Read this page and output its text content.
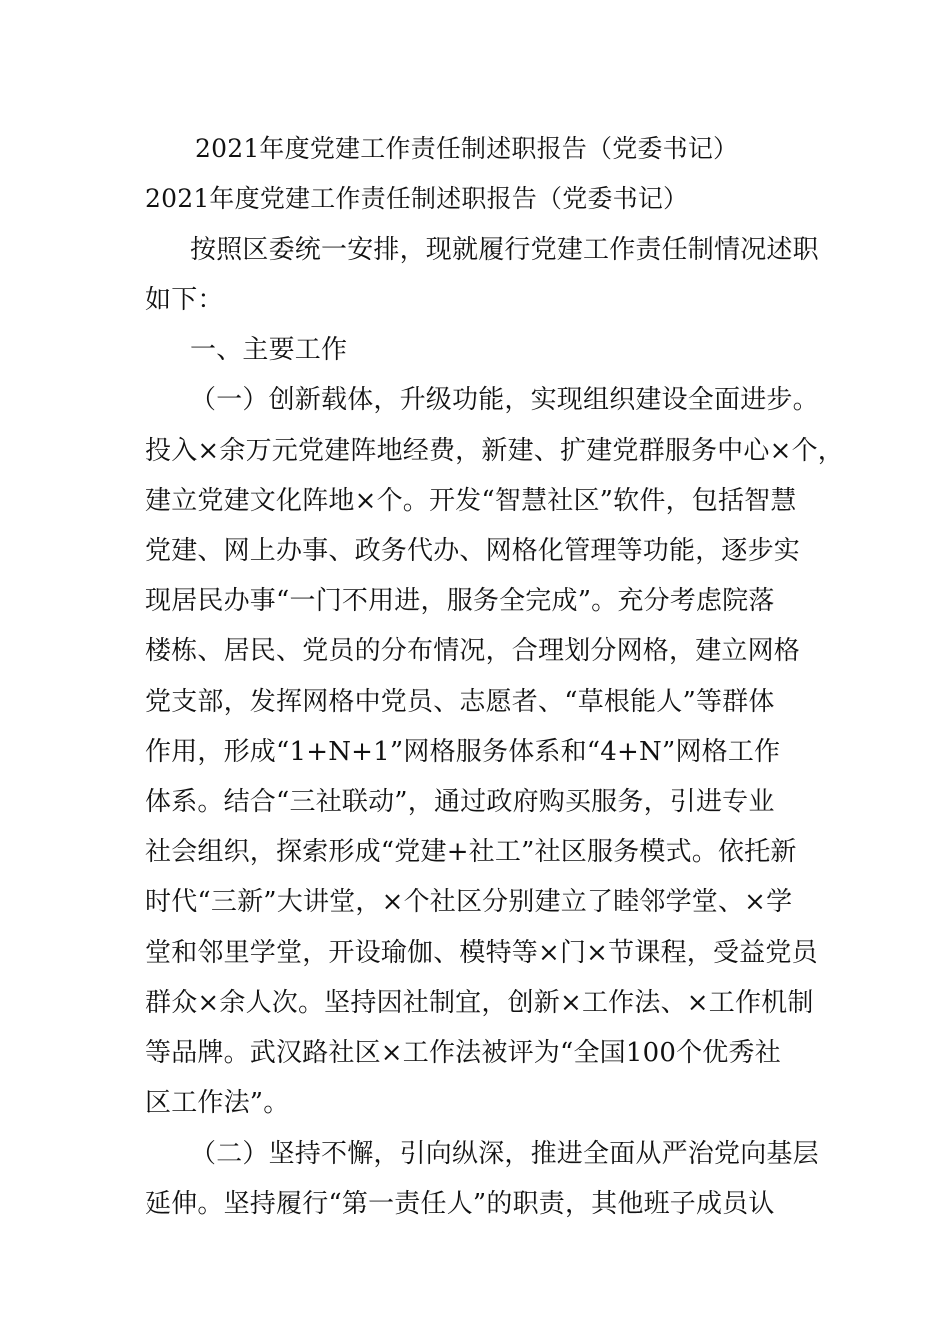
2021年度党建工作责任制述职报告（党委书记）
2021年度党建工作责任制述职报告（党委书记）
按照区委统一安排，现就履行党建工作责任制情况述职
如下：
一、主要工作
（一）创新载体，升级功能，实现组织建设全面进步。
投入×余万元党建阵地经费，新建、扩建党群服务中心×个，
建立党建文化阵地×个。开发“智慧社区”软件，包括智慧
党建、网上办事、政务代办、网格化管理等功能，逐步实
现居民办事“一门不用进，服务全完成”。充分考虑院落
楼栋、居民、党员的分布情况，合理划分网格，建立网格
党支部，发挥网格中党员、志愿者、“草根能人”等群体
作用，形成“1+N+1”网格服务体系和“4+N”网格工作
体系。结合“三社联动”，通过政府购买服务，引进专业
社会组织，探索形成“党建+社工”社区服务模式。依托新
时代“三新”大讲堂，×个社区分别建立了睦邻学堂、×学
堂和邻里学堂，开设瑜伽、模特等×门×节课程，受益党员
群众×余人次。坚持因社制宜，创新×工作法、×工作机制
等品牌。武汉路社区×工作法被评为“全国100个优秀社
区工作法”。
（二）坚持不懈，引向纵深，推进全面从严治党向基层
延伸。坚持履行“第一责任人”的职责，其他班子成员认
